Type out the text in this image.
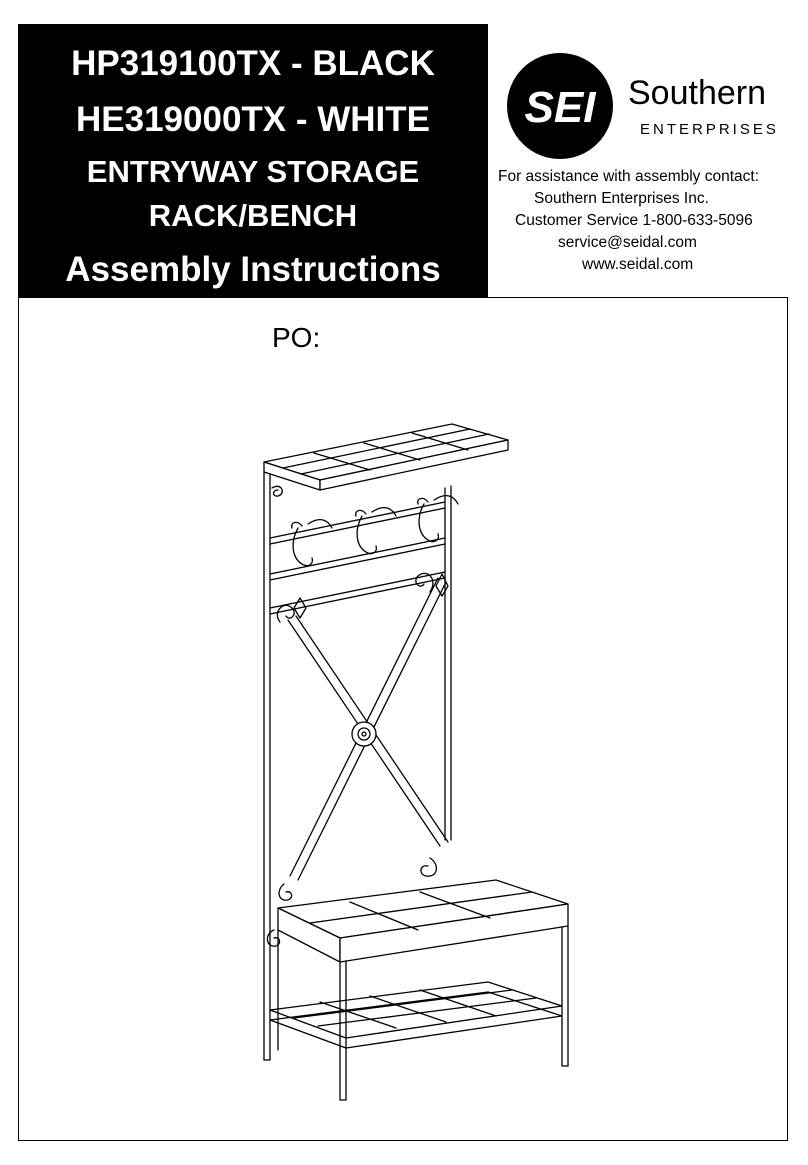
HP319100TX - BLACK
HE319000TX - WHITE
ENTRYWAY STORAGE
RACK/BENCH
Assembly Instructions
SEI Southern
ENTERPRISES
For assistance with assembly contact:
Southern Enterprises Inc.
Customer Service 1-800-633-5096
service@seidal.com
www.seidal.com
PO:
